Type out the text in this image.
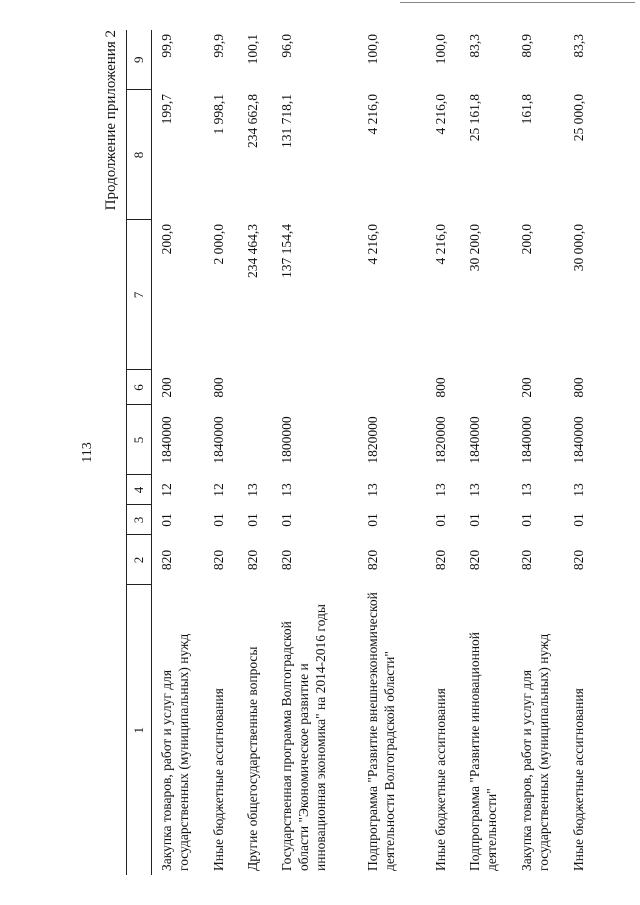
113
Продолжение приложения 2
1	2	3	4	5	6	7	8	9
Закупка товаров, работ и услуг для государственных (муниципальных) нужд	820	01	12	1840000	200	200,0	199,7	99,9
Иные бюджетные ассигнования	820	01	12	1840000	800	2 000,0	1 998,1	99,9
Другие общегосударственные вопросы	820	01	13			234 464,3	234 662,8	100,1
Государственная программа Волгоградской области "Экономическое развитие и инновационная экономика" на 2014-2016 годы	820	01	13	1800000		137 154,4	131 718,1	96,0
Подпрограмма "Развитие внешнеэкономической деятельности Волгоградской области"	820	01	13	1820000		4 216,0	4 216,0	100,0
Иные бюджетные ассигнования	820	01	13	1820000	800	4 216,0	4 216,0	100,0
Подпрограмма "Развитие инновационной деятельности"	820	01	13	1840000		30 200,0	25 161,8	83,3
Закупка товаров, работ и услуг для государственных (муниципальных) нужд	820	01	13	1840000	200	200,0	161,8	80,9
Иные бюджетные ассигнования	820	01	13	1840000	800	30 000,0	25 000,0	83,3
